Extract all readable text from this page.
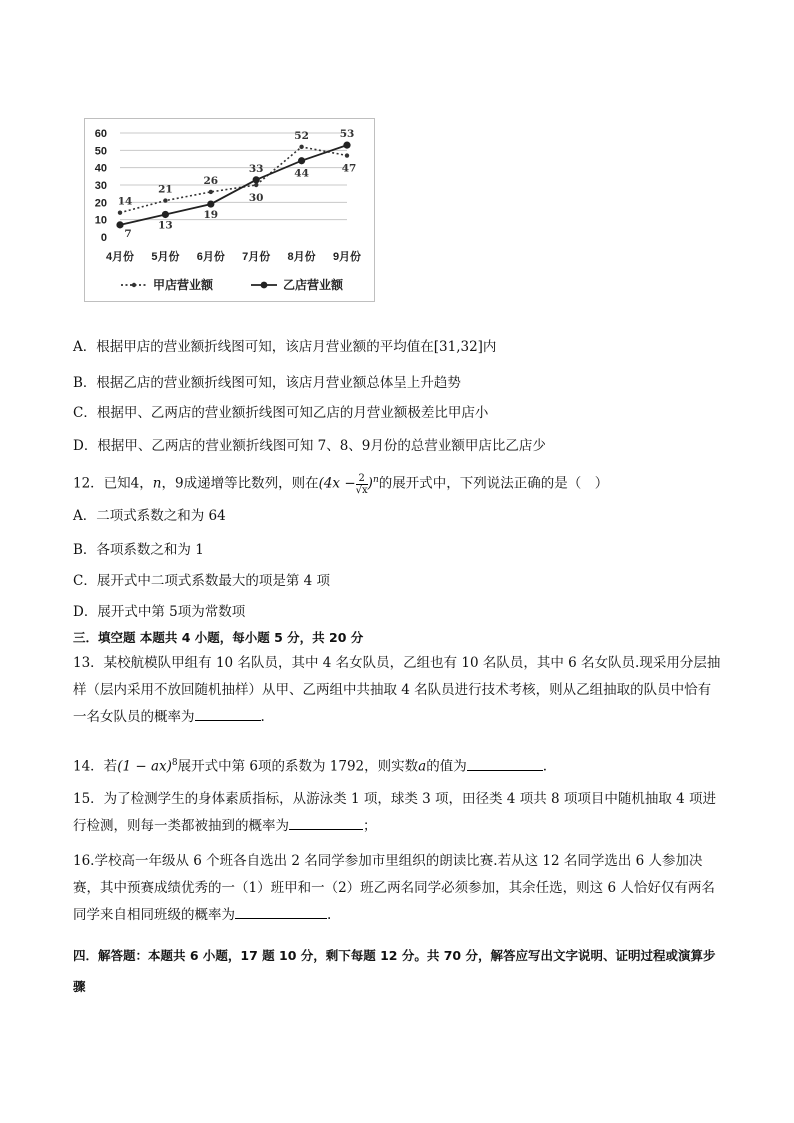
0
10
20
30
40
50
60
4月份 5月份 6月份 7月份 8月份 9月份
14
21
26
30
52
47
7
13
19
33	44
53
甲店营业额	乙店营业额
A．根据甲店的营业额折线图可知，该店月营业额的平均值在[31,32]内
B．根据乙店的营业额折线图可知，该店月营业额总体呈上升趋势
C．根据甲、乙两店的营业额折线图可知乙店的月营业额极差比甲店小
D．根据甲、乙两店的营业额折线图可知 7、8、9月份的总营业额甲店比乙店少
12．已知4，n，9成递增等比数列，则在$(4x - \frac{2}{√x} )^n$的展开式中，下列说法正确的是（　）
A．二项式系数之和为 64
B．各项系数之和为 1
C．展开式中二项式系数最大的项是第 4 项
D．展开式中第 5项为常数项
三．填空题 本题共 4 小题，每小题 5 分，共 20 分
13．某校航模队甲组有 10 名队员，其中 4 名女队员，乙组也有 10 名队员，其中 6 名女队员.现采用分层抽样（层内采用不放回随机抽样）从甲、乙两组中共抽取 4 名队员进行技术考核，则从乙组抽取的队员中恰有一名女队员的概率为	.
14．若(1 − ax)$^8$展开式中第 6项的系数为 1792，则实数a的值为	.
15．为了检测学生的身体素质指标，从游泳类 1 项，球类 3 项，田径类 4 项共 8 项项目中随机抽取 4 项进行检测，则每一类都被抽到的概率为	；
16.学校高一年级从 6 个班各自选出 2 名同学参加市里组织的朗读比赛.若从这 12 名同学选出 6 人参加决赛，其中预赛成绩优秀的一（1）班甲和一（2）班乙两名同学必须参加，其余任选，则这 6 人恰好仅有两名同学来自相同班级的概率为	.
四．解答题：本题共 6 小题，17 题 10 分，剩下每题 12 分。共 70 分，解答应写出文字说明、证明过程或演算步骤
